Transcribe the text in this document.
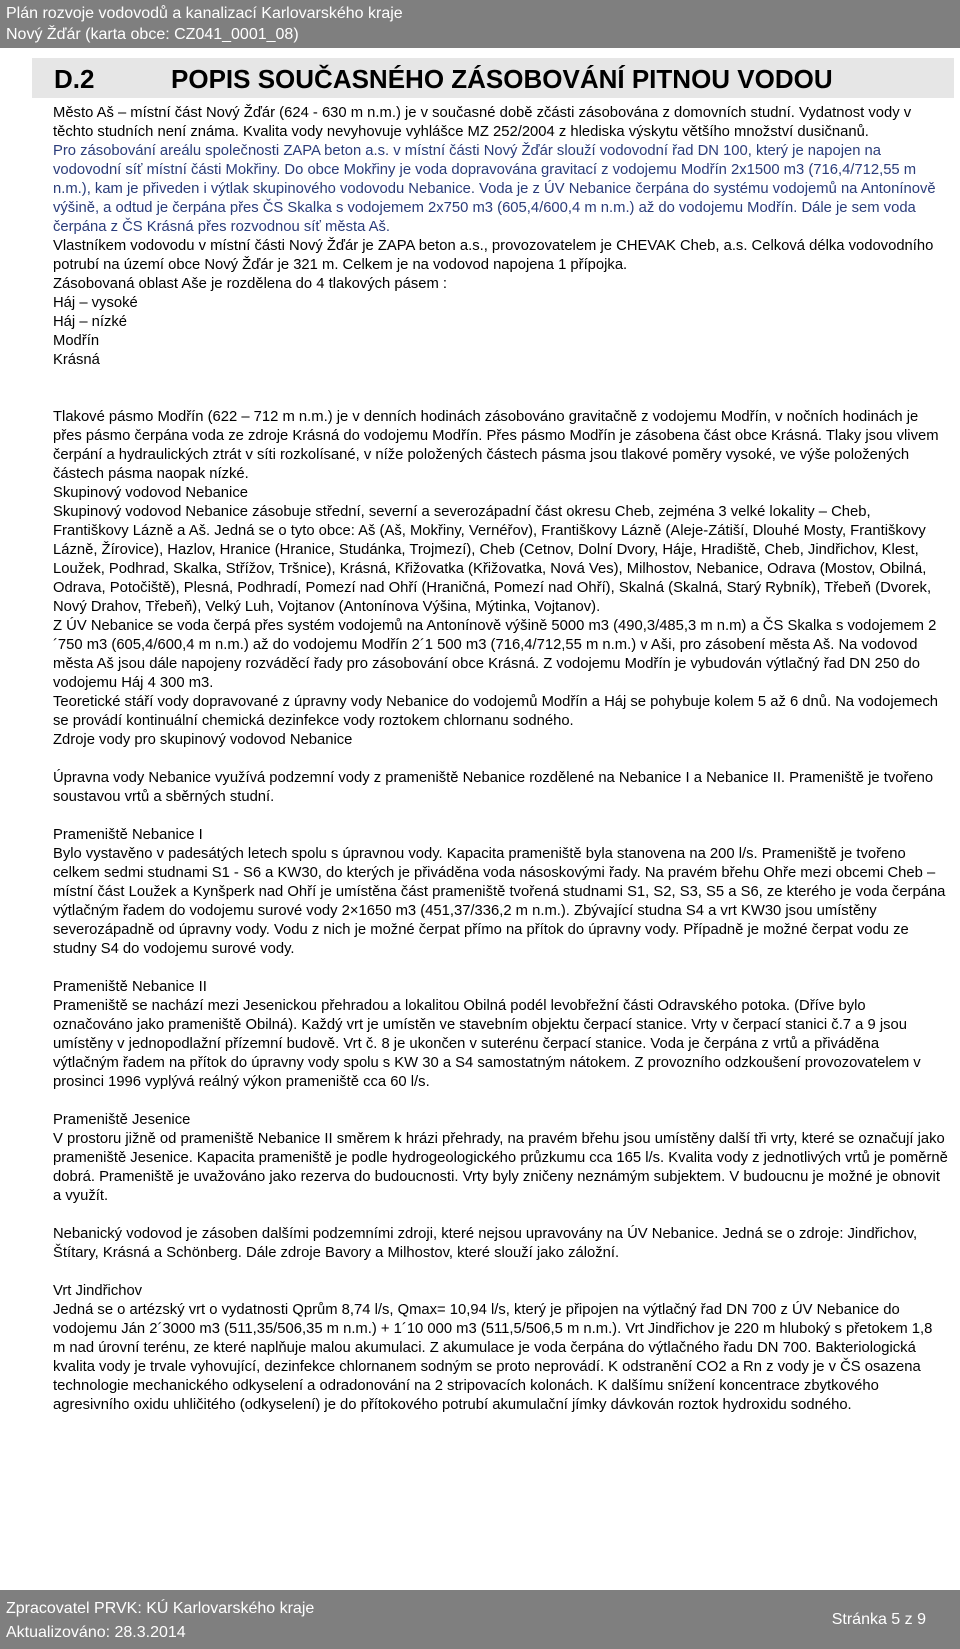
Plán rozvoje vodovodů a kanalizací Karlovarského kraje
Nový Žďár (karta obce: CZ041_0001_08)
D.2	POPIS SOUČASNÉHO ZÁSOBOVÁNÍ PITNOU VODOU

Město Aš – místní část Nový Žďár (624 - 630 m n.m.) je v současné době zčásti zásobována z domovních studní. Vydatnost vody v těchto studních není známa. Kvalita vody nevyhovuje vyhlášce MZ 252/2004 z hlediska výskytu většího množství dusičnanů.

Pro zásobování areálu společnosti ZAPA beton a.s. v místní části Nový Žďár slouží vodovodní řad DN 100, který je napojen na vodovodní síť místní části Mokřiny. Do obce Mokřiny je voda dopravována gravitací z vodojemu Modřín 2x1500 m3 (716,4/712,55 m n.m.), kam je přiveden i výtlak skupinového vodovodu Nebanice. Voda je z ÚV Nebanice čerpána do systému vodojemů na Antonínově výšině, a odtud je čerpána přes ČS Skalka s vodojemem 2x750 m3 (605,4/600,4 m n.m.) až do vodojemu Modřín. Dále je sem voda čerpána z ČS Krásná přes rozvodnou síť města Aš.

Vlastníkem vodovodu v místní části Nový Žďár je ZAPA beton a.s., provozovatelem je CHEVAK Cheb, a.s. Celková délka vodovodního potrubí na území obce Nový Žďár je 321 m. Celkem je na vodovod napojena 1 přípojka.

Zásobovaná oblast Aše je rozdělena do 4 tlakových pásem :

Háj – vysoké

Háj – nízké

Modřín

Krásná

Tlakové pásmo Modřín (622 – 712 m n.m.) je v denních hodinách zásobováno gravitačně z vodojemu Modřín, v nočních hodinách je přes pásmo čerpána voda ze zdroje Krásná do vodojemu Modřín. Přes pásmo Modřín je zásobena část obce Krásná. Tlaky jsou vlivem čerpání a hydraulických ztrát v síti rozkolísané, v níže položených částech pásma jsou tlakové poměry vysoké, ve výše položených částech pásma naopak nízké.

Skupinový vodovod Nebanice

Skupinový vodovod Nebanice zásobuje střední, severní a severozápadní část okresu Cheb, zejména 3 velké lokality – Cheb, Františkovy Lázně a Aš. Jedná se o tyto obce: Aš (Aš, Mokřiny, Vernéřov), Františkovy Lázně (Aleje-Zátiší, Dlouhé Mosty, Františkovy Lázně, Žírovice), Hazlov, Hranice (Hranice, Studánka, Trojmezí), Cheb (Cetnov, Dolní Dvory, Háje, Hradiště, Cheb, Jindřichov, Klest, Loužek, Podhrad, Skalka, Střížov, Tršnice), Krásná, Křižovatka (Křižovatka, Nová Ves), Milhostov, Nebanice, Odrava (Mostov, Obilná, Odrava, Potočiště), Plesná, Podhradí, Pomezí nad Ohří (Hraničná, Pomezí nad Ohří), Skalná (Skalná, Starý Rybník), Třebeň (Dvorek, Nový Drahov, Třebeň), Velký Luh, Vojtanov (Antonínova Výšina, Mýtinka, Vojtanov).

Z ÚV Nebanice se voda čerpá přes systém vodojemů na Antonínově výšině 5000 m3 (490,3/485,3 m n.m) a ČS Skalka s vodojemem 2´750 m3 (605,4/600,4 m n.m.) až do vodojemu Modřín 2´1 500 m3 (716,4/712,55 m n.m.) v Aši, pro zásobení města Aš. Na vodovod města Aš jsou dále napojeny rozváděcí řady pro zásobování obce Krásná. Z vodojemu Modřín je vybudován výtlačný řad DN 250 do vodojemu Háj 4 300 m3.

Teoretické stáří vody dopravované z úpravny vody Nebanice do vodojemů Modřín a Háj se pohybuje kolem 5 až 6 dnů. Na vodojemech se provádí kontinuální chemická dezinfekce vody roztokem chlornanu sodného.

Zdroje vody pro skupinový vodovod Nebanice

Úpravna vody Nebanice využívá podzemní vody z prameniště Nebanice rozdělené na Nebanice I a Nebanice II. Prameniště je tvořeno soustavou vrtů a sběrných studní.

Prameniště Nebanice I

Bylo vystavěno v padesátých letech spolu s úpravnou vody. Kapacita prameniště byla stanovena na 200 l/s. Prameniště je tvořeno celkem sedmi studnami S1 - S6 a KW30, do kterých je přiváděna voda násoskovými řady. Na pravém břehu Ohře mezi obcemi Cheb – místní část Loužek a Kynšperk nad Ohří je umístěna část prameniště tvořená studnami S1, S2, S3, S5 a S6, ze kterého je voda čerpána výtlačným řadem do vodojemu surové vody 2×1650 m3 (451,37/336,2 m n.m.). Zbývající studna S4 a vrt KW30 jsou umístěny severozápadně od úpravny vody. Vodu z nich je možné čerpat přímo na přítok do úpravny vody. Případně je možné čerpat vodu ze studny S4 do vodojemu surové vody.

Prameniště Nebanice II

Prameniště se nachází mezi Jesenickou přehradou a lokalitou Obilná podél levobřežní části Odravského potoka. (Dříve bylo označováno jako prameniště Obilná). Každý vrt je umístěn ve stavebním objektu čerpací stanice. Vrty v čerpací stanici č.7 a 9 jsou umístěny v jednopodlažní přízemní budově. Vrt č. 8 je ukončen v suterénu čerpací stanice. Voda je čerpána z vrtů a přiváděna výtlačným řadem na přítok do úpravny vody spolu s KW 30 a S4 samostatným nátokem. Z provozního odzkoušení provozovatelem v prosinci 1996 vyplývá reálný výkon prameniště cca 60 l/s.

Prameniště Jesenice

V prostoru jižně od prameniště Nebanice II směrem k hrázi přehrady, na pravém břehu jsou umístěny další tři vrty, které se označují jako prameniště Jesenice. Kapacita prameniště je podle hydrogeologického průzkumu cca 165 l/s. Kvalita vody z jednotlivých vrtů je poměrně dobrá. Prameniště je uvažováno jako rezerva do budoucnosti. Vrty byly zničeny neznámým subjektem. V budoucnu je možné je obnovit a využít.

Nebanický vodovod je zásoben dalšími podzemními zdroji, které nejsou upravovány na ÚV Nebanice. Jedná se o zdroje: Jindřichov, Štítary, Krásná a Schönberg. Dále zdroje Bavory a Milhostov, které slouží jako záložní.

Vrt Jindřichov

Jedná se o artézský vrt o vydatnosti Qprům 8,74 l/s, Qmax= 10,94 l/s, který je připojen na výtlačný řad DN 700 z ÚV Nebanice do vodojemu Ján 2´3000 m3 (511,35/506,35 m n.m.) + 1´10 000 m3 (511,5/506,5 m n.m.). Vrt Jindřichov je 220 m hluboký s přetokem 1,8 m nad úrovní terénu, ze které naplňuje malou akumulaci. Z akumulace je voda čerpána do výtlačného řadu DN 700. Bakteriologická kvalita vody je trvale vyhovující, dezinfekce chlornanem sodným se proto neprovádí. K odstranění CO2 a Rn z vody je v ČS osazena technologie mechanického odkyselení a odradonování na 2 stripovacích kolonách. K dalšímu snížení koncentrace zbytkového agresivního oxidu uhličitého (odkyselení) je do přítokového potrubí akumulační jímky dávkován roztok hydroxidu sodného.

Zpracovatel PRVK: KÚ Karlovarského kraje
Aktualizováno: 28.3.2014
Stránka 5 z 9
